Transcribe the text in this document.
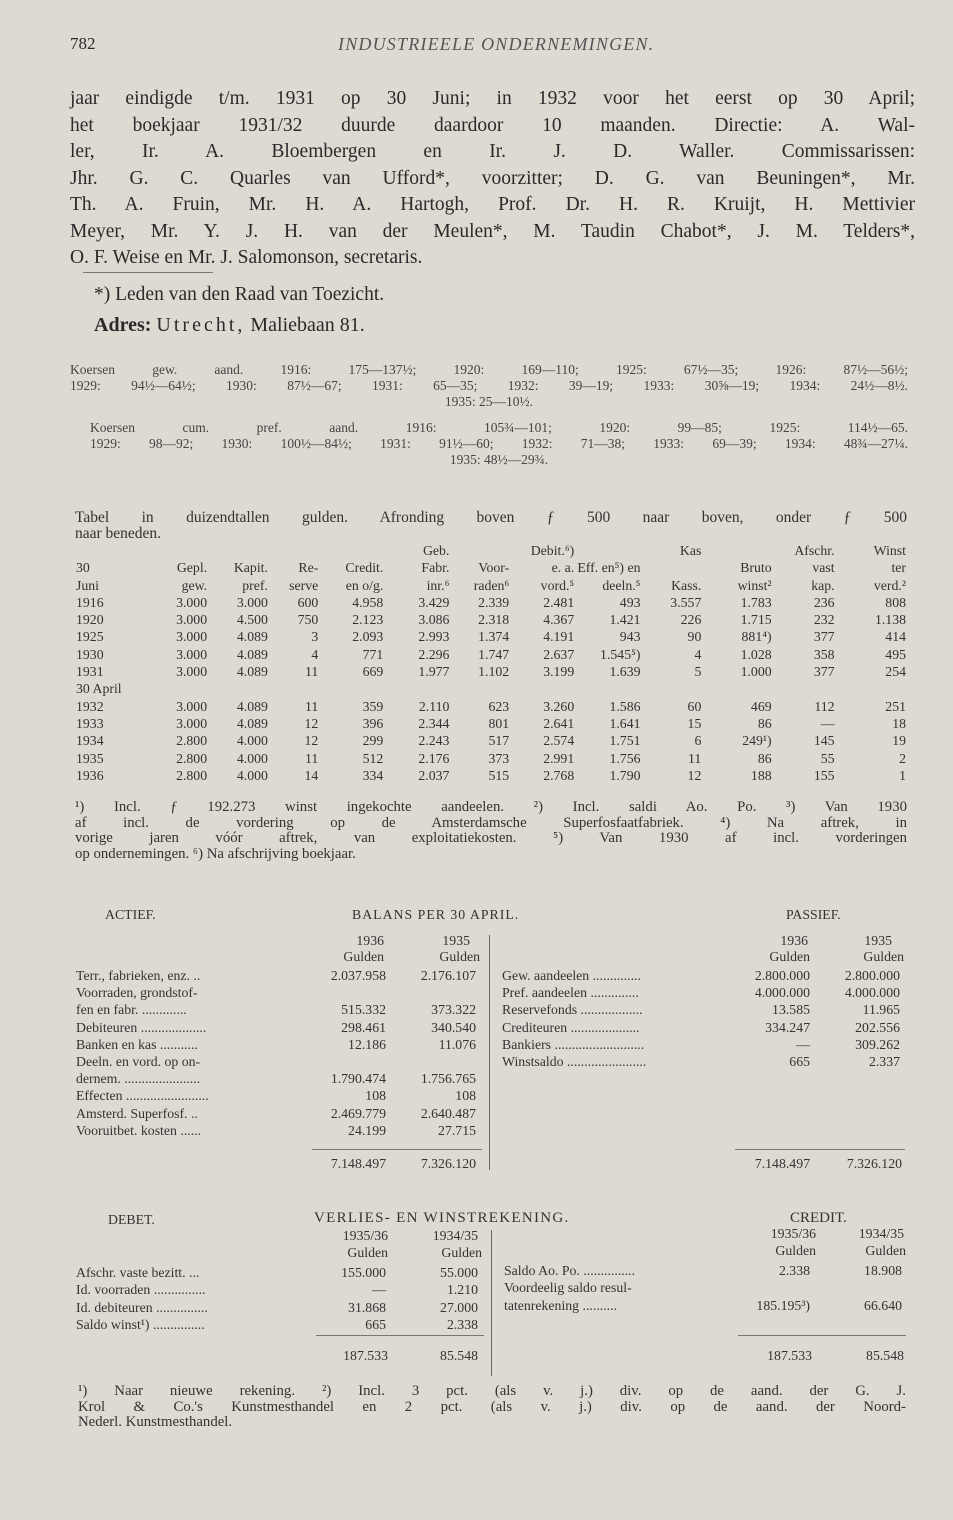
782	INDUSTRIEELE ONDERNEMINGEN.
jaar eindigde t/m. 1931 op 30 Juni; in 1932 voor het eerst op 30 April;
het boekjaar 1931/32 duurde daardoor 10 maanden. Directie: A. Wal-
ler, Ir. A. Bloembergen en Ir. J. D. Waller. Commissarissen:
Jhr. G. C. Quarles van Ufford*, voorzitter; D. G. van Beuningen*, Mr.
Th. A. Fruin, Mr. H. A. Hartogh, Prof. Dr. H. R. Kruijt, H. Mettivier
Meyer, Mr. Y. J. H. van der Meulen*, M. Taudin Chabot*, J. M. Telders*,
O. F. Weise en Mr. J. Salomonson, secretaris.
*) Leden van den Raad van Toezicht.
Adres: Utrecht, Maliebaan 81.
Koersen gew. aand. 1916: 175—137½; 1920: 169—110; 1925: 67½—35; 1926: 87½—56½;
1929: 94½—64½; 1930: 87½—67; 1931: 65—35; 1932: 39—19; 1933: 30⅝—19; 1934: 24½—8½.
1935: 25—10½.
Koersen cum. pref. aand. 1916: 105¾—101; 1920: 99—85; 1925: 114½—65.
1929: 98—92; 1930: 100½—84½; 1931: 91½—60; 1932: 71—38; 1933: 69—39; 1934: 48¾—27¼.
1935: 48½—29¾.
Tabel in duizendtallen gulden. Afronding boven ƒ 500 naar boven, onder ƒ 500
naar beneden.
					Geb.		Debit.⁶)		Kas		Afschr.	Winst
30	Gepl.	Kapit.	Re-	Credit.	Fabr.	Voor-	e. a.	Eff. en⁵) en		Bruto	vast	ter
Juni	gew.	pref.	serve	en o/g.	inr.⁶	raden⁶	vord.⁵	deeln.⁵	Kass.	winst²	kap.	verd.²
1916	3.000	3.000	600	4.958	3.429	2.339	2.481	493	3.557	1.783	236	808
1920	3.000	4.500	750	2.123	3.086	2.318	4.367	1.421	226	1.715	232	1.138
1925	3.000	4.089	3	2.093	2.993	1.374	4.191	943	90	881⁴)	377	414
1930	3.000	4.089	4	771	2.296	1.747	2.637	1.545⁵)	4	1.028	358	495
1931	3.000	4.089	11	669	1.977	1.102	3.199	1.639	5	1.000	377	254
30 April												
1932	3.000	4.089	11	359	2.110	623	3.260	1.586	60	469	112	251
1933	3.000	4.089	12	396	2.344	801	2.641	1.641	15	86	—	18
1934	2.800	4.000	12	299	2.243	517	2.574	1.751	6	249¹)	145	19
1935	2.800	4.000	11	512	2.176	373	2.991	1.756	11	86	55	2
1936	2.800	4.000	14	334	2.037	515	2.768	1.790	12	188	155	1
¹) Incl. ƒ 192.273 winst ingekochte aandeelen. ²) Incl. saldi Ao. Po. ³) Van 1930
af incl. de vordering op de Amsterdamsche Superfosfaatfabriek. ⁴) Na aftrek, in
vorige jaren vóór aftrek, van exploitatiekosten. ⁵) Van 1930 af incl. vorderingen
op ondernemingen. ⁶) Na afschrijving boekjaar.
ACTIEF.	BALANS PER 30 APRIL.	PASSIEF.
1936	1935
Gulden	Gulden
1936	1935
Gulden	Gulden
Terr., fabrieken, enz. ..	2.037.958	2.176.107
Voorraden, grondstof-
fen en fabr. .............	515.332	373.322
Debiteuren ...................	298.461	340.540
Banken en kas ...........	12.186	11.076
Deeln. en vord. op on-
dernem. ......................	1.790.474	1.756.765
Effecten ........................	108	108
Amsterd. Superfosf. ..	2.469.779	2.640.487
Vooruitbet. kosten ......	24.199	27.715
Gew. aandeelen ..............	2.800.000	2.800.000
Pref. aandeelen ..............	4.000.000	4.000.000
Reservefonds ..................	13.585	11.965
Crediteuren ....................	334.247	202.556
Bankiers ..........................	—	309.262
Winstsaldo .......................	665	2.337
7.148.497	7.326.120	7.148.497	7.326.120
DEBET.	VERLIES- EN WINSTREKENING.	CREDIT.
1935/36	1934/35
Gulden	Gulden
1935/36	1934/35
Gulden	Gulden
Afschr. vaste bezitt. ...	155.000	55.000
Id. voorraden ...............	—	1.210
Id. debiteuren ...............	31.868	27.000
Saldo winst¹) ...............	665	2.338
Saldo Ao. Po. ...............	2.338	18.908
Voordeelig saldo resul-
tatenrekening ..........	185.195³)	66.640
187.533	85.548	187.533	85.548
¹) Naar nieuwe rekening. ²) Incl. 3 pct. (als v. j.) div. op de aand. der G. J.
Krol & Co.'s Kunstmesthandel en 2 pct. (als v. j.) div. op de aand. der Noord-
Nederl. Kunstmesthandel.
